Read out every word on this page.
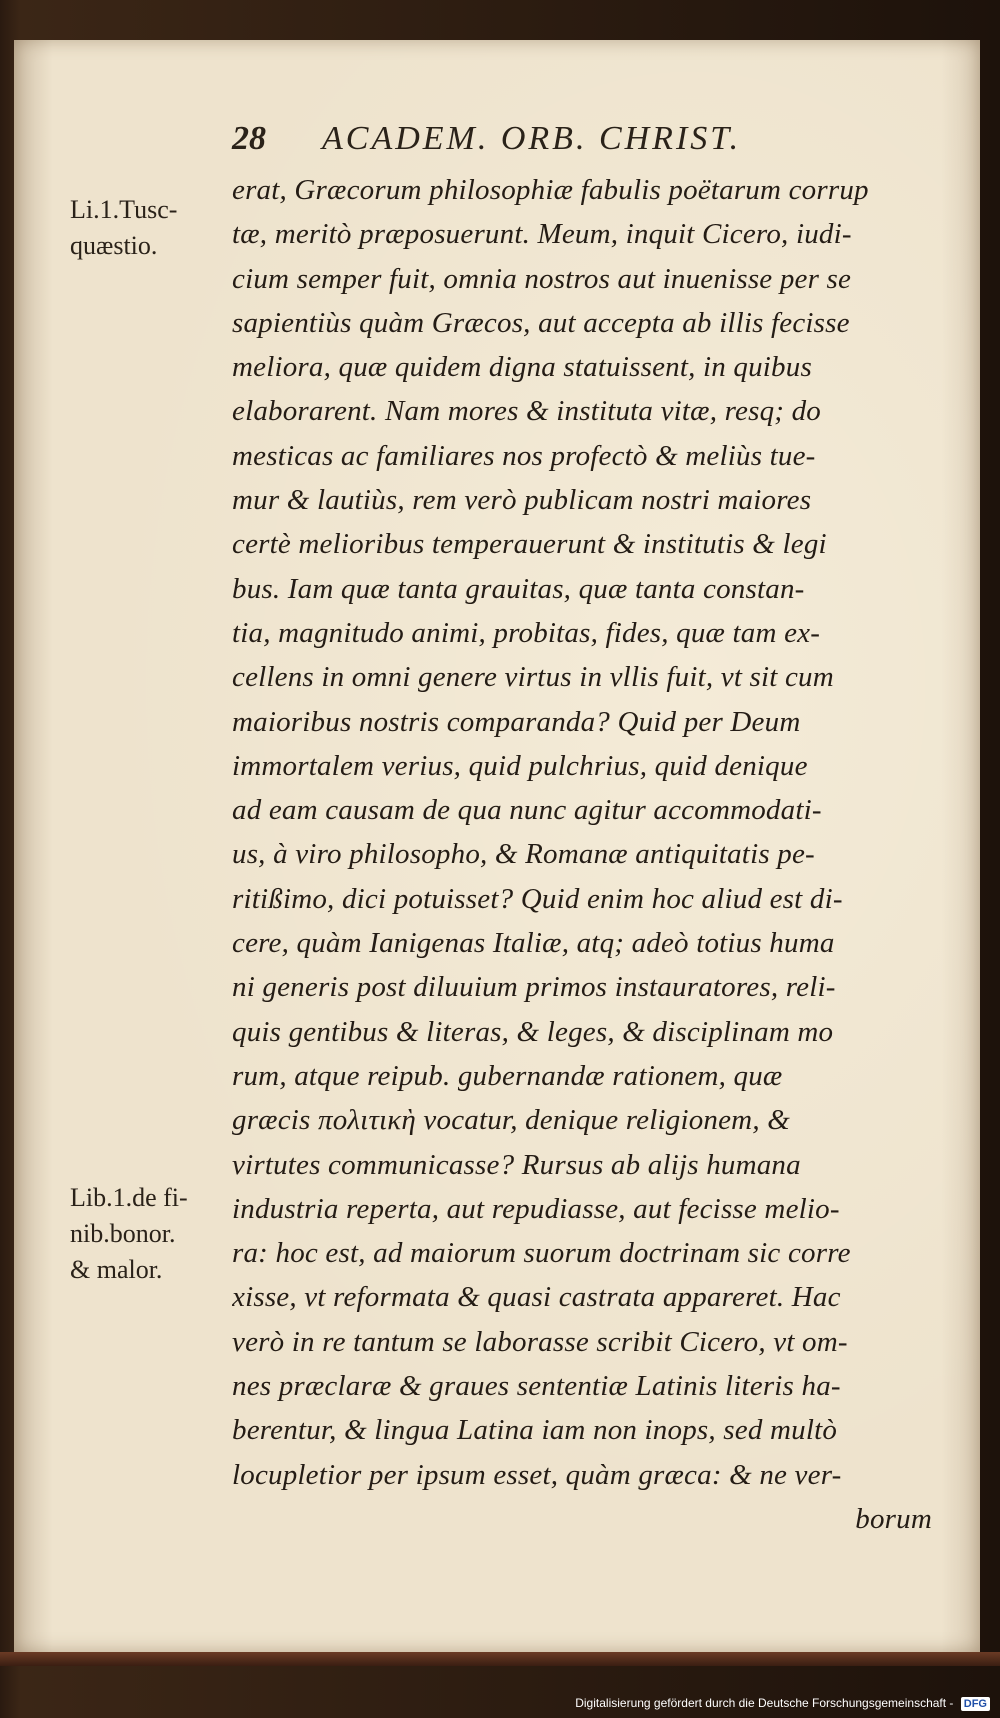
28 ACADEM. ORB. CHRIST.
Li.1.Tusc-
quæstio.
Lib.1.de fi-
nib.bonor.
& malor.
erat, Græcorum philosophiæ fabulis poëtarum corrup
tæ, meritò præposuerunt. Meum, inquit Cicero, iudi-
cium semper fuit, omnia nostros aut inuenisse per se
sapientiùs quàm Græcos, aut accepta ab illis fecisse
meliora, quæ quidem digna statuissent, in quibus
elaborarent. Nam mores & instituta vitæ, resq; do
mesticas ac familiares nos profectò & meliùs tue-
mur & lautiùs, rem verò publicam nostri maiores
certè melioribus temperauerunt & institutis & legi
bus. Iam quæ tanta grauitas, quæ tanta constan-
tia, magnitudo animi, probitas, fides, quæ tam ex-
cellens in omni genere virtus in vllis fuit, vt sit cum
maioribus nostris comparanda? Quid per Deum
immortalem verius, quid pulchrius, quid denique
ad eam causam de qua nunc agitur accommodati-
us, à viro philosopho, & Romanæ antiquitatis pe-
ritißimo, dici potuisset? Quid enim hoc aliud est di-
cere, quàm Ianigenas Italiæ, atq; adeò totius huma
ni generis post diluuium primos instauratores, reli-
quis gentibus & literas, & leges, & disciplinam mo
rum, atque reipub. gubernandæ rationem, quæ
græcis πολιτικὴ vocatur, denique religionem, &
virtutes communicasse? Rursus ab alijs humana
industria reperta, aut repudiasse, aut fecisse melio-
ra: hoc est, ad maiorum suorum doctrinam sic corre
xisse, vt reformata & quasi castrata appareret. Hac
verò in re tantum se laborasse scribit Cicero, vt om-
nes præclaræ & graues sententiæ Latinis literis ha-
berentur, & lingua Latina iam non inops, sed multò
locupletior per ipsum esset, quàm græca: & ne ver-
borum
Digitalisierung gefördert durch die Deutsche Forschungsgemeinschaft - DFG
